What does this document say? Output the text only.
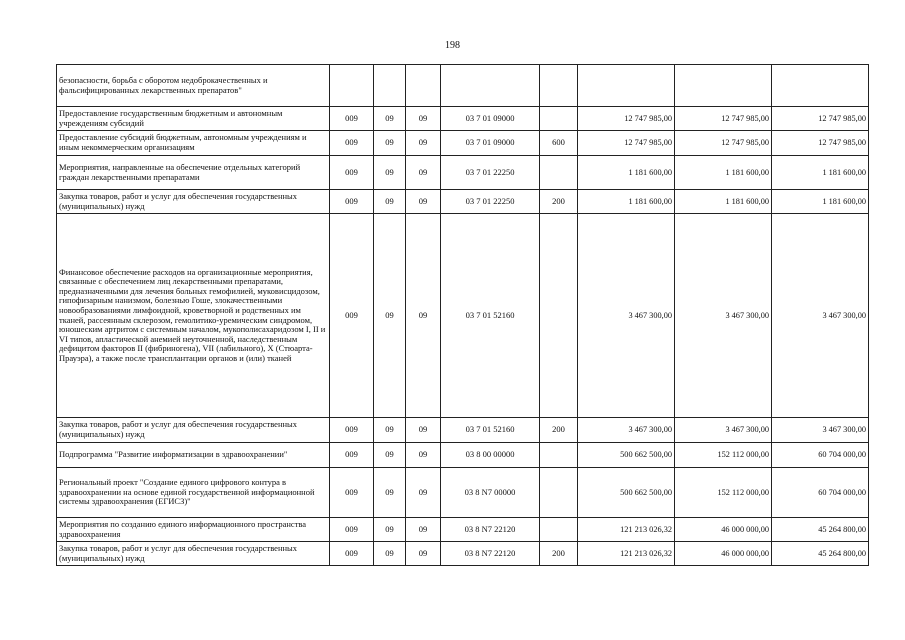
198
безопасности, борьба с оборотом недоброкачественных и фальсифицированных лекарственных препаратов"								
Предоставление государственным бюджетным и автономным учреждениям субсидий	009	09	09	03 7 01 09000		12 747 985,00	12 747 985,00	12 747 985,00
Предоставление субсидий бюджетным, автономным учреждениям и иным некоммерческим организациям	009	09	09	03 7 01 09000	600	12 747 985,00	12 747 985,00	12 747 985,00
Мероприятия, направленные на обеспечение отдельных категорий граждан лекарственными препаратами	009	09	09	03 7 01 22250		1 181 600,00	1 181 600,00	1 181 600,00
Закупка товаров, работ и услуг для обеспечения государственных (муниципальных) нужд	009	09	09	03 7 01 22250	200	1 181 600,00	1 181 600,00	1 181 600,00
Финансовое обеспечение расходов на организационные мероприятия, связанные с обеспечением лиц лекарственными препаратами, предназначенными для лечения больных гемофилией, муковисцидозом, гипофизарным нанизмом, болезнью Гоше, злокачественными новообразованиями лимфоидной, кроветворной и родственных им тканей, рассеянным склерозом, гемолитико-уремическим синдромом, юношеским артритом с системным началом, мукополисахаридозом I, II и VI типов, апластической анемией неуточненной, наследственным дефицитом факторов II (фибриногена), VII (лабильного), X (Стюарта-Прауэра), а также после трансплантации органов и (или) тканей	009	09	09	03 7 01 52160		3 467 300,00	3 467 300,00	3 467 300,00
Закупка товаров, работ и услуг для обеспечения государственных (муниципальных) нужд	009	09	09	03 7 01 52160	200	3 467 300,00	3 467 300,00	3 467 300,00
Подпрограмма "Развитие информатизации в здравоохранении"	009	09	09	03 8 00 00000		500 662 500,00	152 112 000,00	60 704 000,00
Региональный проект "Создание единого цифрового контура в здравоохранении на основе единой государственной информационной системы здравоохранения (ЕГИСЗ)"	009	09	09	03 8 N7 00000		500 662 500,00	152 112 000,00	60 704 000,00
Мероприятия по созданию единого информационного пространства здравоохранения	009	09	09	03 8 N7 22120		121 213 026,32	46 000 000,00	45 264 800,00
Закупка товаров, работ и услуг для обеспечения государственных (муниципальных) нужд	009	09	09	03 8 N7 22120	200	121 213 026,32	46 000 000,00	45 264 800,00
